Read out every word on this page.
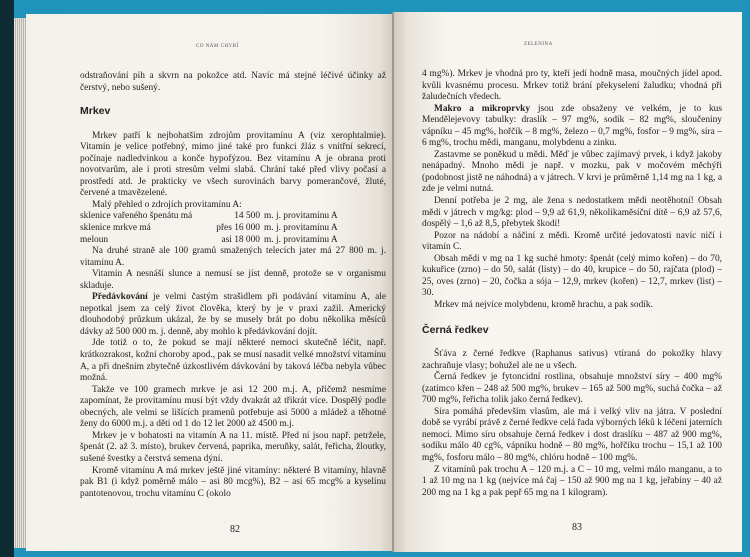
CO NÁM CHYBÍ

odstraňování pih a skvrn na pokožce atd. Navíc má stejné léčivé účinky až čerstvý, nebo sušený.

Mrkev

Mrkev patří k nejbohatším zdrojům provitamínu A (viz xerophtalmie). Vitamín je velice potřebný, mimo jiné také pro funkci žláz s vnitřní sekrecí, počínaje nadledvinkou a konče hypofýzou. Bez vitamínu A je obrana proti novotvarům, ale i proti stresům velmi slabá. Chrání také před vlivy počasí a prostředí atd. Je prakticky ve všech surovinách barvy pomerančové, žluté, červené a tmavězelené.

Malý přehled o zdrojích provitamínu A:

sklenice vařeného špenátu má	14 500 m. j. provitamínu A
sklenice mrkve má	přes 16 000 m. j. provitamínu A
meloun	asi 18 000 m. j. provitamínu A

Na druhé straně ale 100 gramů smažených telecích jater má 27 800 m. j. vitamínu A.

Vitamín A nesnáší slunce a nemusí se jíst denně, protože se v organismu skladuje.

Předávkování je velmi častým strašidlem při podávání vitamínu A, ale nepotkal jsem za celý život člověka, který by je v praxi zažil. Americký dlouhodobý průzkum ukázal, že by se musely brát po dobu několika měsíců dávky až 500 000 m. j. denně, aby mohlo k předávkování dojít.

Jde totiž o to, že pokud se mají některé nemoci skutečně léčit, např. krátkozrakost, kožní choroby apod., pak se musí nasadit velké množství vitamínu A, a při dnešním zbytečně úzkostlivém dávkování by taková léčba nebyla vůbec možná.

Takže ve 100 gramech mrkve je asi 12 200 m.j. A, přičemž nesmíme zapomínat, že provitamínu musí být vždy dvakrát až třikrát více. Dospělý podle obecných, ale velmi se lišících pramenů potřebuje asi 5000 a mládež a těhotné ženy do 6000 m.j. a děti od 1 do 12 let 2000 až 4500 m.j.

Mrkev je v bohatosti na vitamín A na 11. místě. Před ní jsou např. petržele, špenát (2. až 3. místo), brukev červená, paprika, meruňky, salát, řeřicha, žloutky, sušené švestky a čerstvá semena dýní.

Kromě vitamínu A má mrkev ještě jiné vitamíny: některé B vitamíny, hlavně pak B1 (i když poměrně málo – asi 80 mcg%), B2 – asi 65 mcg% a kyselinu pantotenovou, trochu vitamínu C (okolo

82
ZELENINA

4 mg%). Mrkev je vhodná pro ty, kteří jedí hodně masa, moučných jídel apod. kvůli kvasnému procesu. Mrkev totiž brání překyselení žaludku; vhodná při žaludečních vředech.

Makro a mikroprvky jsou zde obsaženy ve velkém, je to kus Mendělejevovy tabulky: draslík – 97 mg%, sodík – 82 mg%, sloučeniny vápníku – 45 mg%, hořčík – 8 mg%, železo – 0,7 mg%, fosfor – 9 mg%, síra – 6 mg%, trochu mědi, manganu, molybdenu a zinku.

Zastavme se poněkud u mědi. Měď je vůbec zajímavý prvek, i když jakoby nenápadný. Mnoho mědi je např. v mozku, pak v močovém měchýři (podobnost jistě ne náhodná) a v játrech. V krvi je průměrně 1,14 mg na 1 kg, a zde je velmi nutná.

Denní potřeba je 2 mg, ale žena s nedostatkem mědi neotěhotní! Obsah mědi v játrech v mg/kg: plod – 9,9 až 61,9, několikaměsíční dítě – 6,9 až 57,6, dospělý – 1,6 až 8,5, přebytek škodí!

Pozor na nádobí a náčiní z mědi. Kromě určité jedovatosti navíc ničí i vitamín C.

Obsah mědi v mg na 1 kg suché hmoty: špenát (celý mimo kořen) – do 70, kukuřice (zrno) – do 50, salát (listy) – do 40, krupice – do 50, rajčata (plod) – 25, oves (zrno) – 20, čočka a sója – 12,9, mrkev (kořen) – 12,7, mrkev (list) – 30.

Mrkev má nejvíce molybdenu, kromě hrachu, a pak sodík.

Černá ředkev

Šťáva z černé ředkve (Raphanus sativus) vtíraná do pokožky hlavy zachraňuje vlasy; bohužel ale ne u všech.

Černá ředkev je fytoncidní rostlina, obsahuje množství síry – 400 mg% (zatímco křen – 248 až 500 mg%, brukev – 165 až 500 mg%, suchá čočka – až 700 mg%, řeřicha tolik jako černá ředkev).

Síra pomáhá především vlasům, ale má i velký vliv na játra. V poslední době se vyrábí právě z černé ředkve celá řada výborných léků k léčení jaterních nemocí. Mimo síru obsahuje černá ředkev i dost draslíku – 487 až 900 mg%, sodíku málo 40 cg%, vápníku hodně – 80 mg%, hořčíku trochu – 15,1 až 100 mg%, fosforu málo – 80 mg%, chlóru hodně – 100 mg%.

Z vitamínů pak trochu A – 120 m.j. a C – 10 mg, velmi málo manganu, a to 1 až 10 mg na 1 kg (nejvíce má čaj – 150 až 900 mg na 1 kg, jeřabiny – 40 až 200 mg na 1 kg a pak pepř 65 mg na 1 kilogram).

83
